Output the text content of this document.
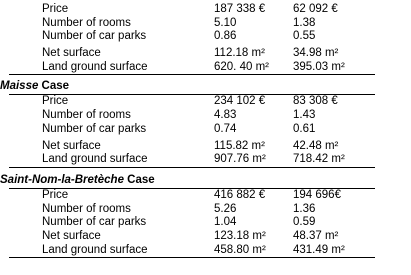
Price	187 338 € 62 092 €
Number of rooms	5.10	1.38
Number of car parks	0.86	0.55
Net surface	112.18 m² 34.98 m²
Land ground surface	620. 40 m² 395.03 m²
Maisse Case
Price	234 102 € 83 308 €
Number of rooms	4.83	1.43
Number of car parks	0.74	0.61
Net surface	115.82 m² 42.48 m²
Land ground surface	907.76 m² 718.42 m²
Saint-Nom-la-Bretèche Case
Price	416 882 € 194 696€
Number of rooms	5.26	1.36
Number of car parks	1.04	0.59
Net surface	123.18 m² 48.37 m²
Land ground surface	458.80 m² 431.49 m²
